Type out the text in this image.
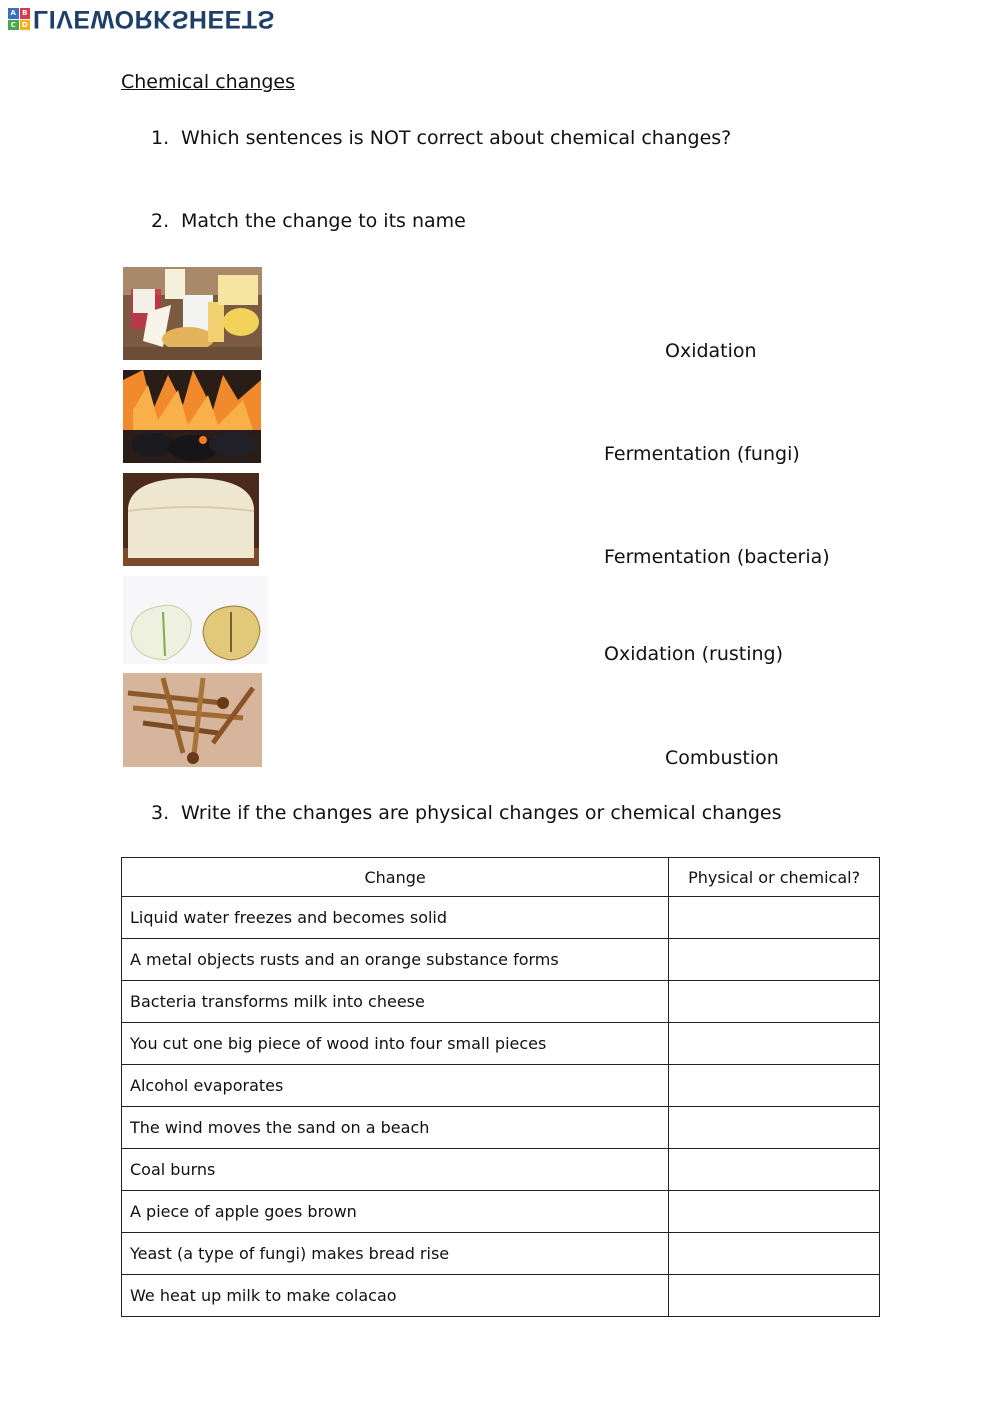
A B
C D LIVEWORKSHEETS
Chemical changes
1. Which sentences is NOT correct about chemical changes?
2. Match the change to its name
Oxidation
Fermentation (fungi)
Fermentation (bacteria)
Oxidation (rusting)
Combustion
3. Write if the changes are physical changes or chemical changes
Change	Physical or chemical?
Liquid water freezes and becomes solid	
A metal objects rusts and an orange substance forms	
Bacteria transforms milk into cheese	
You cut one big piece of wood into four small pieces	
Alcohol evaporates	
The wind moves the sand on a beach	
Coal burns	
A piece of apple goes brown	
Yeast (a type of fungi) makes bread rise	
We heat up milk to make colacao	
